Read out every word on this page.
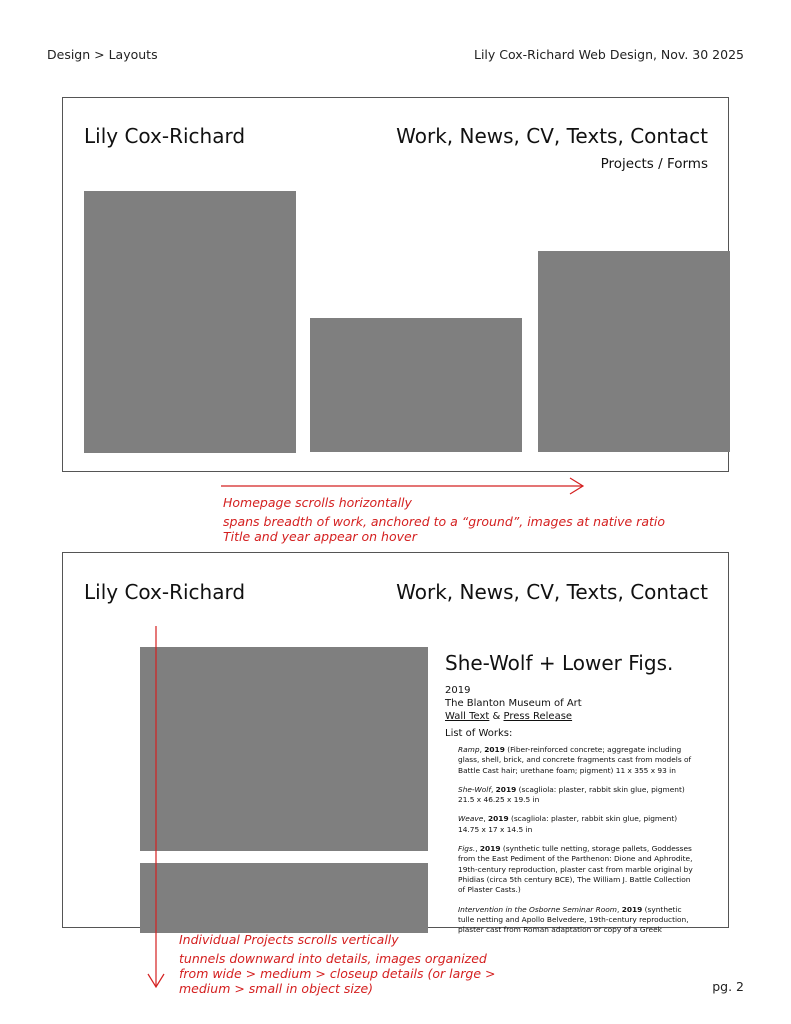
Design > Layouts	Lily Cox-Richard Web Design, Nov. 30 2025
Lily Cox-Richard	Work, News, CV, Texts, Contact
Projects / Forms
Homepage scrolls horizontally
spans breadth of work, anchored to a “ground”, images at native ratio
Title and year appear on hover
Lily Cox-Richard	Work, News, CV, Texts, Contact
She-Wolf + Lower Figs.
2019
The Blanton Museum of Art
Wall Text & Press Release
List of Works:

Ramp, 2019 (Fiber-reinforced concrete; aggregate including glass, shell, brick, and concrete fragments cast from models of Battle Cast hair; urethane foam; pigment) 11 x 355 x 93 in

She-Wolf, 2019 (scagliola: plaster, rabbit skin glue, pigment) 21.5 x 46.25 x 19.5 in

Weave, 2019 (scagliola: plaster, rabbit skin glue, pigment) 14.75 x 17 x 14.5 in

Figs., 2019 (synthetic tulle netting, storage pallets, Goddesses from the East Pediment of the Parthenon: Dione and Aphrodite, 19th-century reproduction, plaster cast from marble original by Phidias (circa 5th century BCE), The William J. Battle Collection of Plaster Casts.)

Intervention in the Osborne Seminar Room, 2019 (synthetic tulle netting and Apollo Belvedere, 19th-century reproduction, plaster cast from Roman adaptation or copy of a Greek

Individual Projects scrolls vertically
tunnels downward into details, images organized
from wide > medium > closeup details (or large >
medium > small in object size)	pg. 2
